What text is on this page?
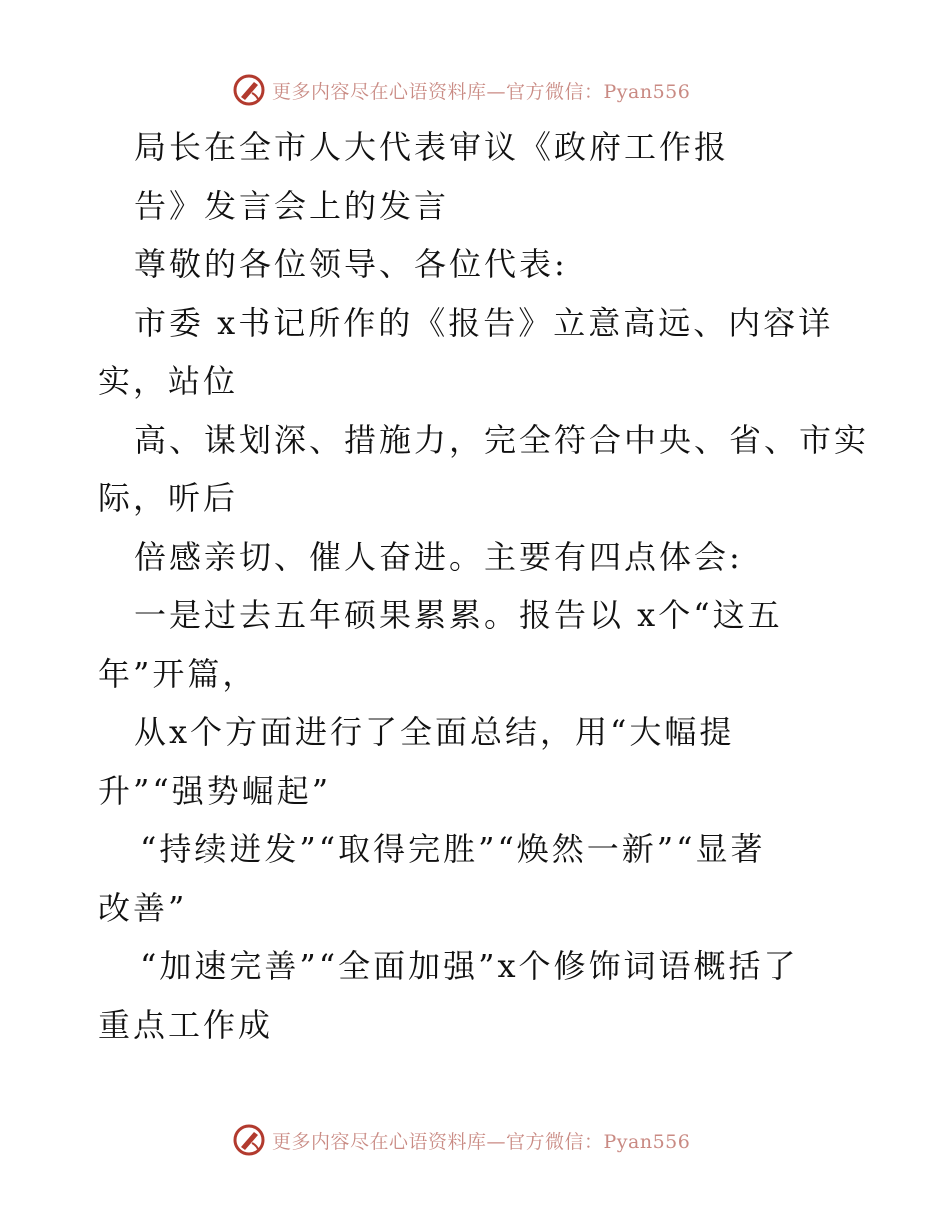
更多内容尽在心语资料库—官方微信：Pyan556
局长在全市人大代表审议《政府工作报
告》发言会上的发言
尊敬的各位领导、各位代表:
市委 x书记所作的《报告》立意高远、内容详
实，站位
高、谋划深、措施力，完全符合中央、省、市实
际，听后
倍感亲切、催人奋进。主要有四点体会:
一是过去五年硕果累累。报告以 x个“这五
年”开篇，
从x个方面进行了全面总结，用“大幅提
升”“强势崛起”
“持续迸发”“取得完胜”“焕然一新”“显著
改善”
“加速完善”“全面加强”x个修饰词语概括了
重点工作成
更多内容尽在心语资料库—官方微信：Pyan556
